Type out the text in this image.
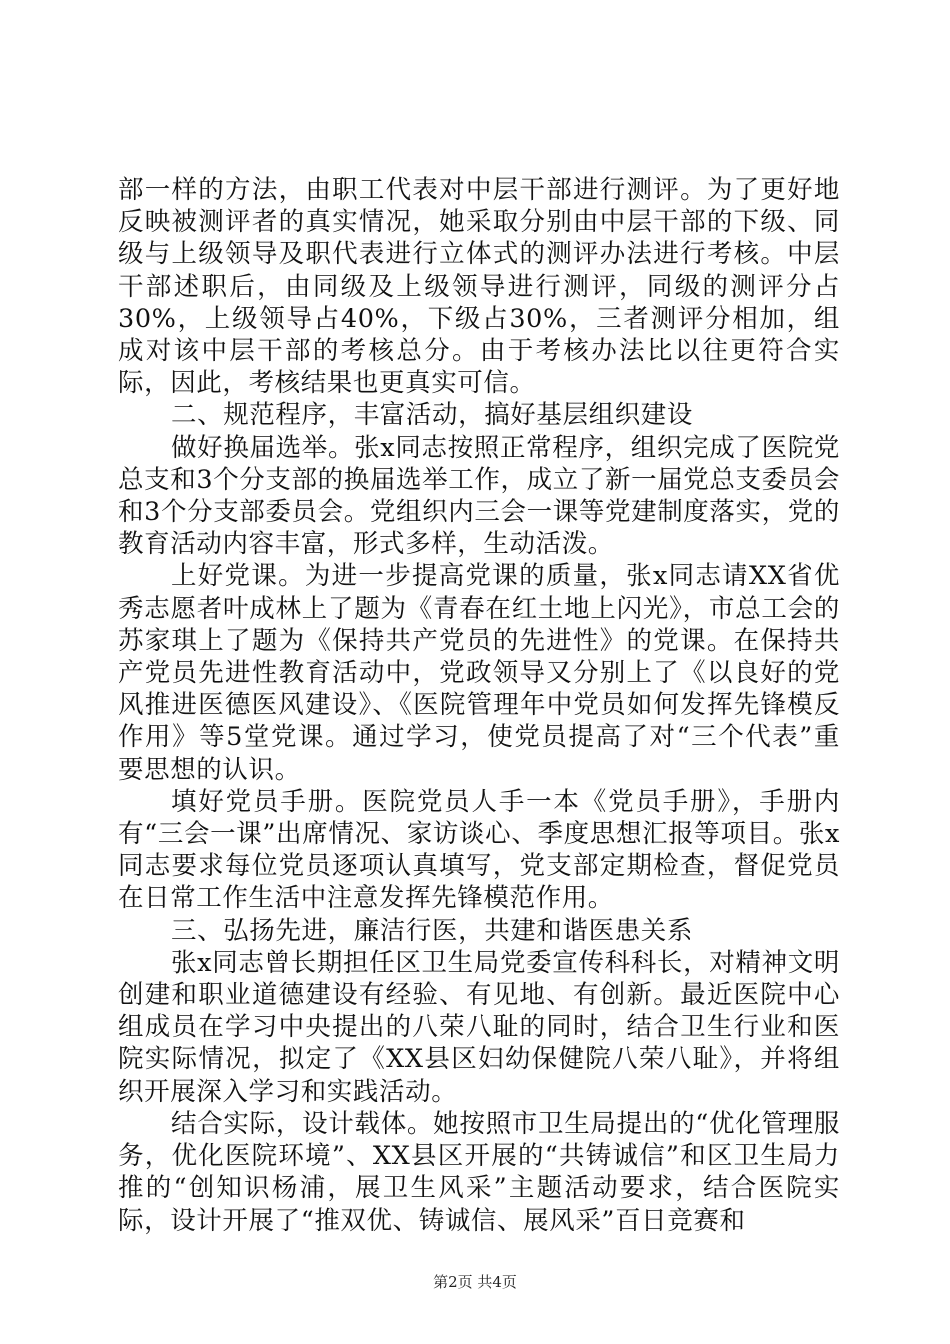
部一样的方法，由职工代表对中层干部进行测评。为了更好地反映被测评者的真实情况，她采取分别由中层干部的下级、同级与上级领导及职代表进行立体式的测评办法进行考核。中层干部述职后，由同级及上级领导进行测评，同级的测评分占30%，上级领导占40%，下级占30%，三者测评分相加，组成对该中层干部的考核总分。由于考核办法比以往更符合实际，因此，考核结果也更真实可信。

二、规范程序，丰富活动，搞好基层组织建设

做好换届选举。张x同志按照正常程序，组织完成了医院党总支和3个分支部的换届选举工作，成立了新一届党总支委员会和3个分支部委员会。党组织内三会一课等党建制度落实，党的教育活动内容丰富，形式多样，生动活泼。

上好党课。为进一步提高党课的质量，张x同志请XX省优秀志愿者叶成林上了题为《青春在红土地上闪光》，市总工会的苏家琪上了题为《保持共产党员的先进性》的党课。在保持共产党员先进性教育活动中，党政领导又分别上了《以良好的党风推进医德医风建设》、《医院管理年中党员如何发挥先锋模反作用》等5堂党课。通过学习，使党员提高了对“三个代表”重要思想的认识。

填好党员手册。医院党员人手一本《党员手册》，手册内有“三会一课”出席情况、家访谈心、季度思想汇报等项目。张x同志要求每位党员逐项认真填写，党支部定期检查，督促党员在日常工作生活中注意发挥先锋模范作用。

三、弘扬先进，廉洁行医，共建和谐医患关系

张x同志曾长期担任区卫生局党委宣传科科长，对精神文明创建和职业道德建设有经验、有见地、有创新。最近医院中心组成员在学习中央提出的八荣八耻的同时，结合卫生行业和医院实际情况，拟定了《XX县区妇幼保健院八荣八耻》，并将组织开展深入学习和实践活动。

结合实际，设计载体。她按照市卫生局提出的“优化管理服务，优化医院环境”、XX县区开展的“共铸诚信”和区卫生局力推的“创知识杨浦，展卫生风采”主题活动要求，结合医院实际，设计开展了“推双优、铸诚信、展风采”百日竞赛和

第2页 共4页
